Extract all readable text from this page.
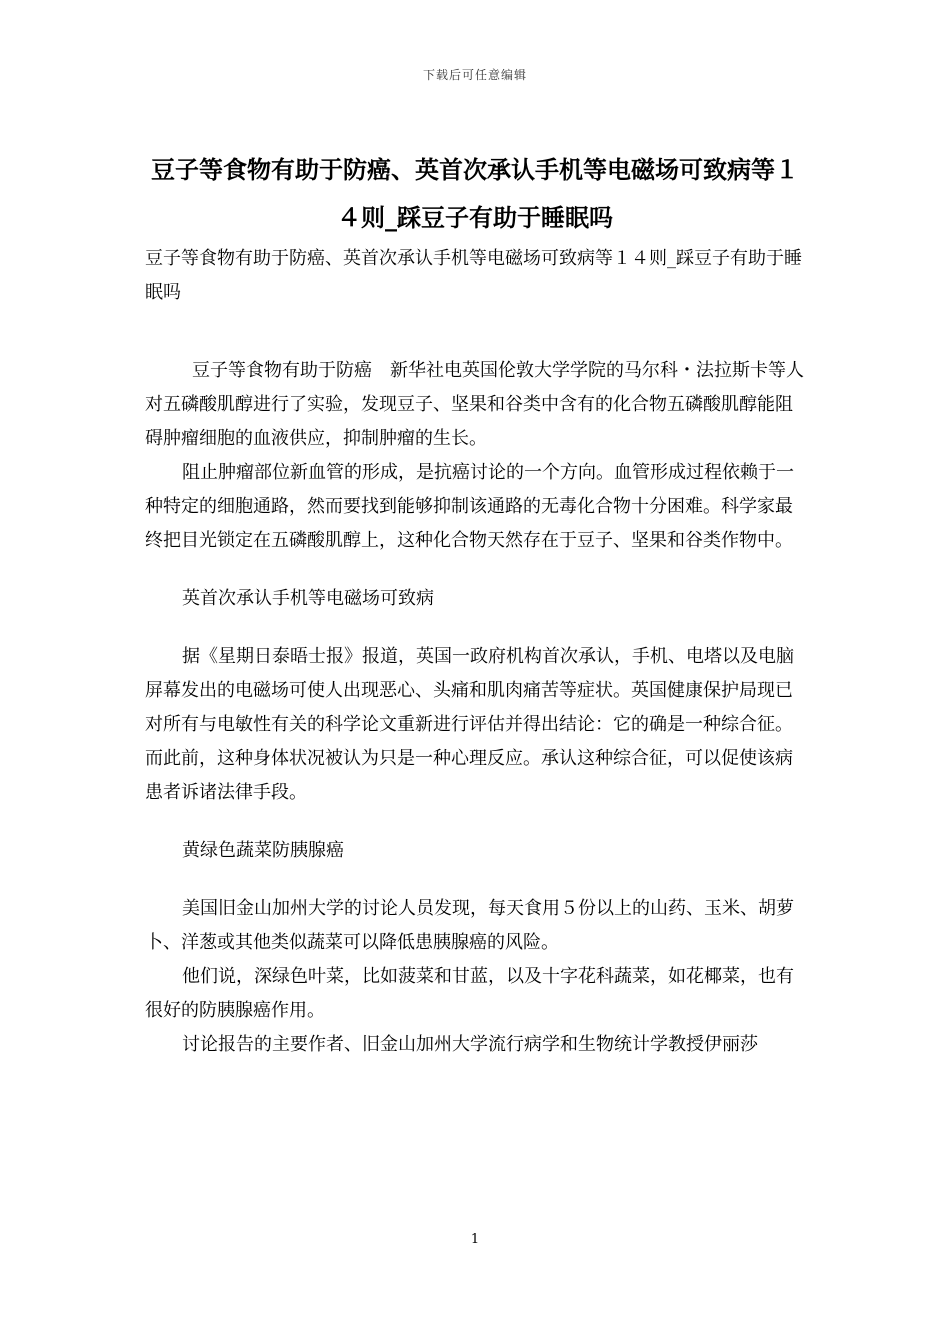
下载后可任意编辑
豆子等食物有助于防癌、英首次承认手机等电磁场可致病等１４则_踩豆子有助于睡眠吗

豆子等食物有助于防癌、英首次承认手机等电磁场可致病等１４则_踩豆子有助于睡眠吗

豆子等食物有助于防癌　新华社电英国伦敦大学学院的马尔科・法拉斯卡等人对五磷酸肌醇进行了实验，发现豆子、坚果和谷类中含有的化合物五磷酸肌醇能阻碍肿瘤细胞的血液供应，抑制肿瘤的生长。

阻止肿瘤部位新血管的形成，是抗癌讨论的一个方向。血管形成过程依赖于一种特定的细胞通路，然而要找到能够抑制该通路的无毒化合物十分困难。科学家最终把目光锁定在五磷酸肌醇上，这种化合物天然存在于豆子、坚果和谷类作物中。

英首次承认手机等电磁场可致病

据《星期日泰晤士报》报道，英国一政府机构首次承认，手机、电塔以及电脑屏幕发出的电磁场可使人出现恶心、头痛和肌肉痛苦等症状。英国健康保护局现已对所有与电敏性有关的科学论文重新进行评估并得出结论：它的确是一种综合征。而此前，这种身体状况被认为只是一种心理反应。承认这种综合征，可以促使该病患者诉诸法律手段。

黄绿色蔬菜防胰腺癌

美国旧金山加州大学的讨论人员发现，每天食用５份以上的山药、玉米、胡萝卜、洋葱或其他类似蔬菜可以降低患胰腺癌的风险。

他们说，深绿色叶菜，比如菠菜和甘蓝，以及十字花科蔬菜，如花椰菜，也有很好的防胰腺癌作用。

讨论报告的主要作者、旧金山加州大学流行病学和生物统计学教授伊丽莎

1
